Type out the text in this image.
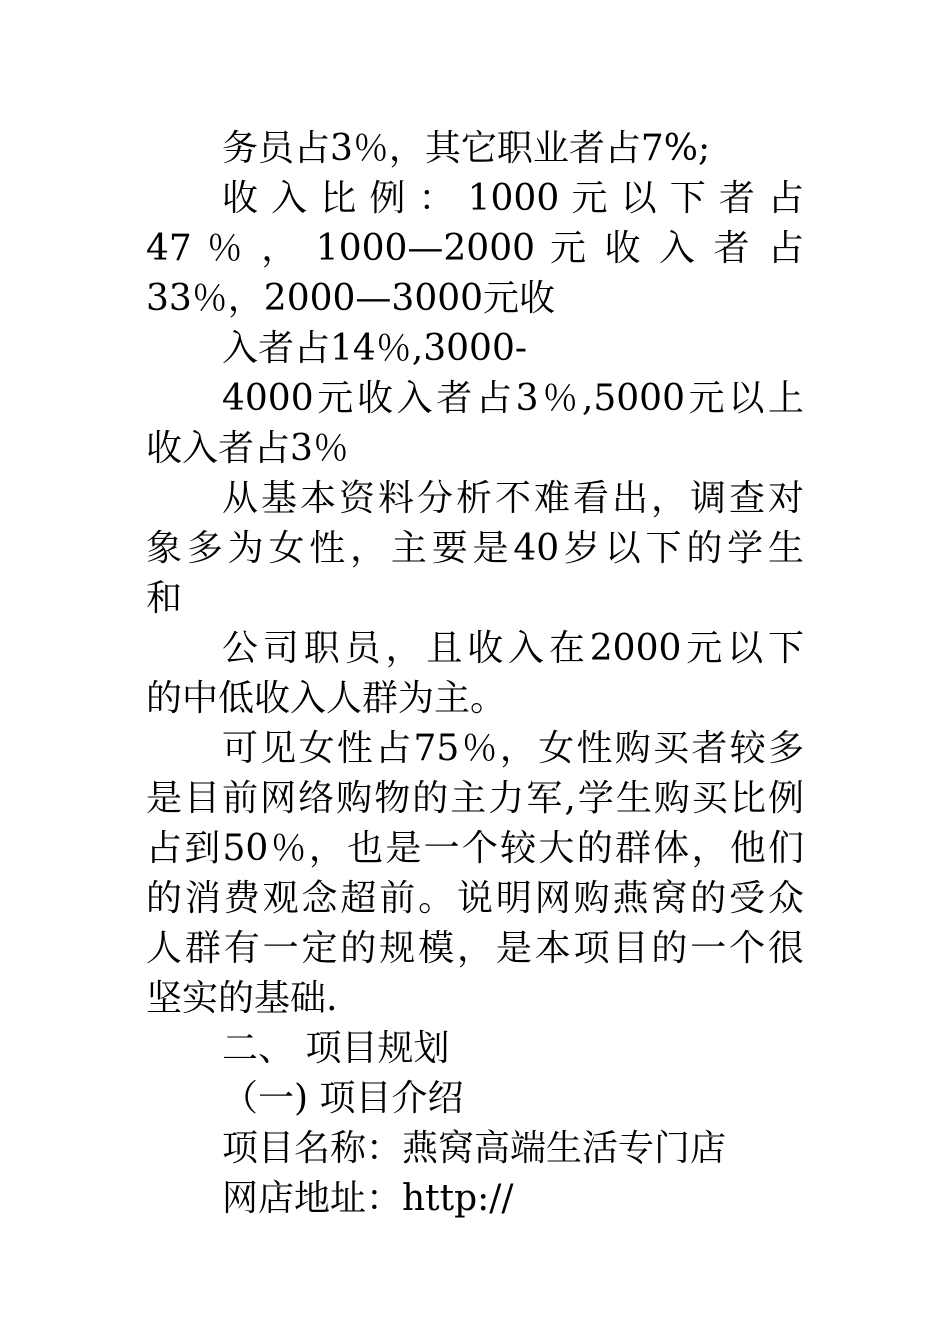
务员占3％，其它职业者占7%;
收 入 比 例 ： 1000 元 以 下 者 占
47 ％ ， 1000—2000 元 收 入 者 占
33％，2000—3000元收
入者占14％,3000-
4000元收入者占3％,5000元以上
收入者占3％
从基本资料分析不难看出，调查对
象多为女性，主要是40岁以下的学生
和
公司职员，且收入在2000元以下
的中低收入人群为主。
可见女性占75％，女性购买者较多
是目前网络购物的主力军,学生购买比例
占到50％，也是一个较大的群体，他们
的消费观念超前。说明网购燕窝的受众
人群有一定的规模，是本项目的一个很
坚实的基础.
二、 项目规划
（一) 项目介绍
项目名称：燕窝高端生活专门店
网店地址：http://
